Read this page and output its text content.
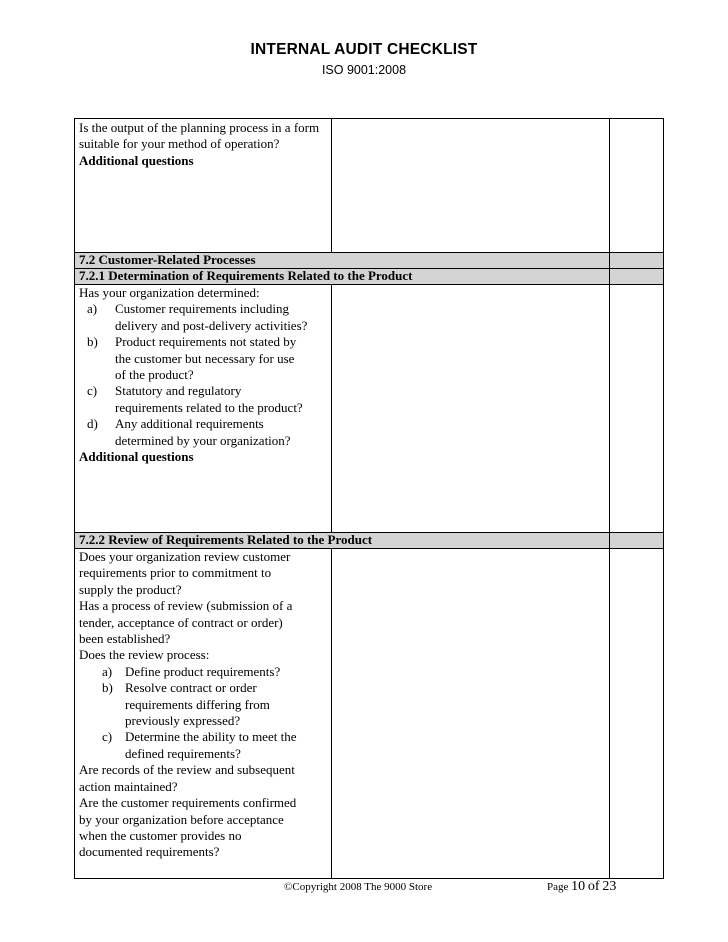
INTERNAL AUDIT CHECKLIST
ISO 9001:2008
Is the output of the planning process in a form suitable for your method of operation?
Additional questions
7.2 Customer-Related Processes
7.2.1 Determination of Requirements Related to the Product
Has your organization determined:
a) Customer requirements including
delivery and post-delivery activities?
b) Product requirements not stated by
the customer but necessary for use
of the product?
c) Statutory and regulatory
requirements related to the product?
d) Any additional requirements
determined by your organization?
Additional questions
7.2.2 Review of Requirements Related to the Product
Does your organization review customer
requirements prior to commitment to
supply the product?
Has a process of review (submission of a
tender, acceptance of contract or order)
been established?
Does the review process:
a) Define product requirements?
b) Resolve contract or order
requirements differing from
previously expressed?
c) Determine the ability to meet the
defined requirements?
Are records of the review and subsequent
action maintained?
Are the customer requirements confirmed
by your organization before acceptance
when the customer provides no
documented requirements?
©Copyright 2008 The 9000 Store	Page 10 of 23
